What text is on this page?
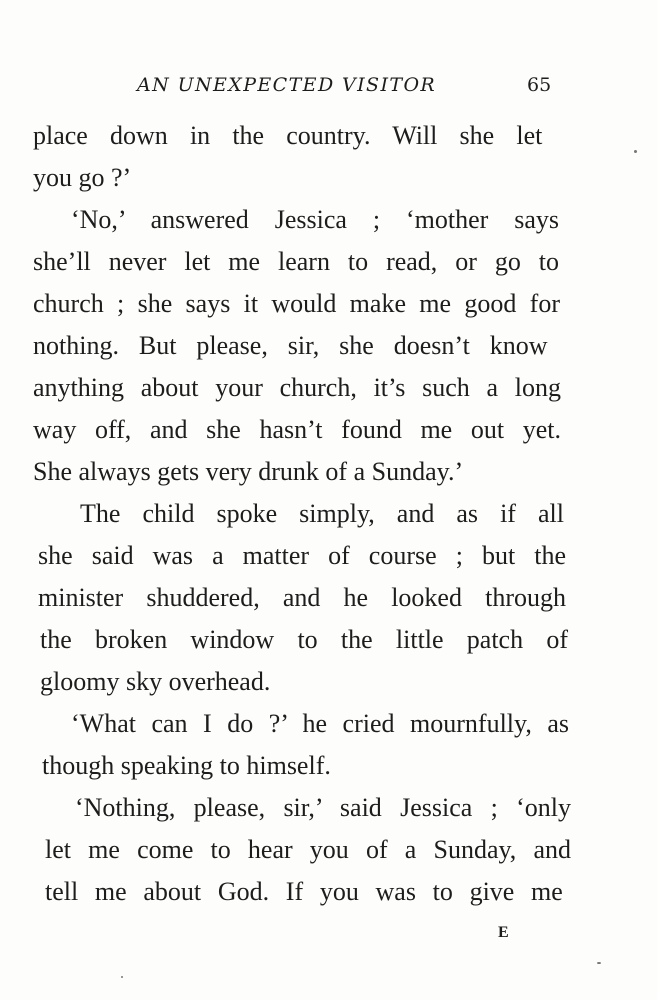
AN UNEXPECTED VISITOR	65
place down in the country. Will she let
you go ?’
‘No,’ answered Jessica ; ‘mother says
she’ll never let me learn to read, or go to
church ; she says it would make me good for
nothing. But please, sir, she doesn’t know
anything about your church, it’s such a long
way off, and she hasn’t found me out yet.
She always gets very drunk of a Sunday.’
The child spoke simply, and as if all
she said was a matter of course ; but the
minister shuddered, and he looked through
the broken window to the little patch of
gloomy sky overhead.
‘What can I do ?’ he cried mournfully, as
though speaking to himself.
‘Nothing, please, sir,’ said Jessica ; ‘only
let me come to hear you of a Sunday, and
tell me about God. If you was to give me
E
